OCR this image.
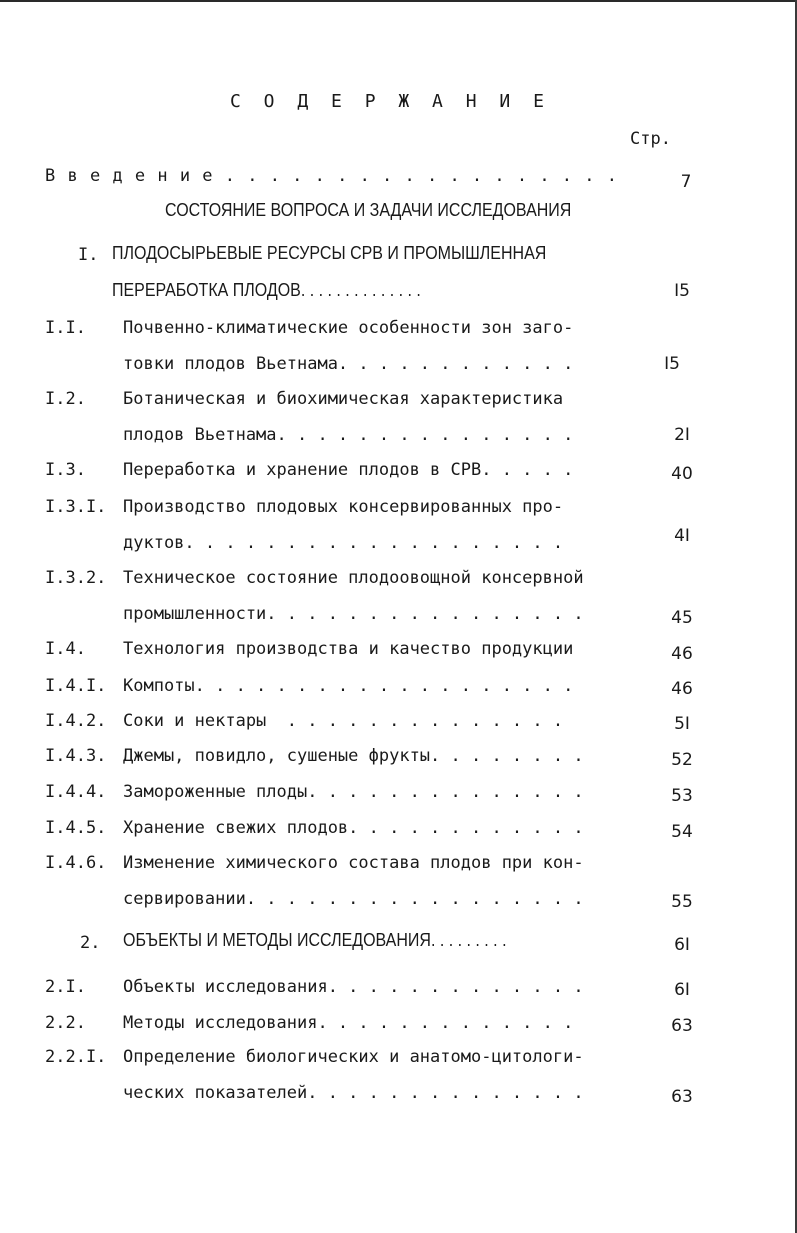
С О Д Е Р Ж А Н И Е
Стр.
В в е д е н и е . . . . . . . . . . . . . . . . . .	7
СОСТОЯНИЕ ВОПРОСА И ЗАДАЧИ ИССЛЕДОВАНИЯ
I. ПЛОДОСЫРЬЕВЫЕ РЕСУРСЫ СРВ И ПРОМЫШЛЕННАЯ
ПЕРЕРАБОТКА ПЛОДОВ. . . . . . . . . . . . . .	I5
I.I. Почвенно-климатические особенности зон заго-
товки плодов Вьетнама. . . . . . . . . . . .	I5
I.2. Ботаническая и биохимическая характеристика
плодов Вьетнама. . . . . . . . . . . . . . .	2I
I.3. Переработка и хранение плодов в СРВ. . . . .	40
I.3.I. Производство плодовых консервированных про-
дуктов. . . . . . . . . . . . . . . . . . .	4I
I.3.2. Техническое состояние плодоовощной консервной
промышленности. . . . . . . . . . . . . . . .	45
I.4. Технология производства и качество продукции	46
I.4.I. Компоты. . . . . . . . . . . . . . . . . . .	46
I.4.2. Соки и нектары  . . . . . . . . . . . . . .	5I
I.4.3. Джемы, повидло, сушеные фрукты. . . . . . . .	52
I.4.4. Замороженные плоды. . . . . . . . . . . . . .	53
I.4.5. Хранение свежих плодов. . . . . . . . . . . .	54
I.4.6. Изменение химического состава плодов при кон-
сервировании. . . . . . . . . . . . . . . . .	55
2. ОБЪЕКТЫ И МЕТОДЫ ИССЛЕДОВАНИЯ. . . . . . . . .	6I
2.I. Объекты исследования. . . . . . . . . . . . .	6I
2.2. Методы исследования. . . . . . . . . . . . .	63
2.2.I. Определение биологических и анатомо-цитологи-
ческих показателей. . . . . . . . . . . . . .	63
